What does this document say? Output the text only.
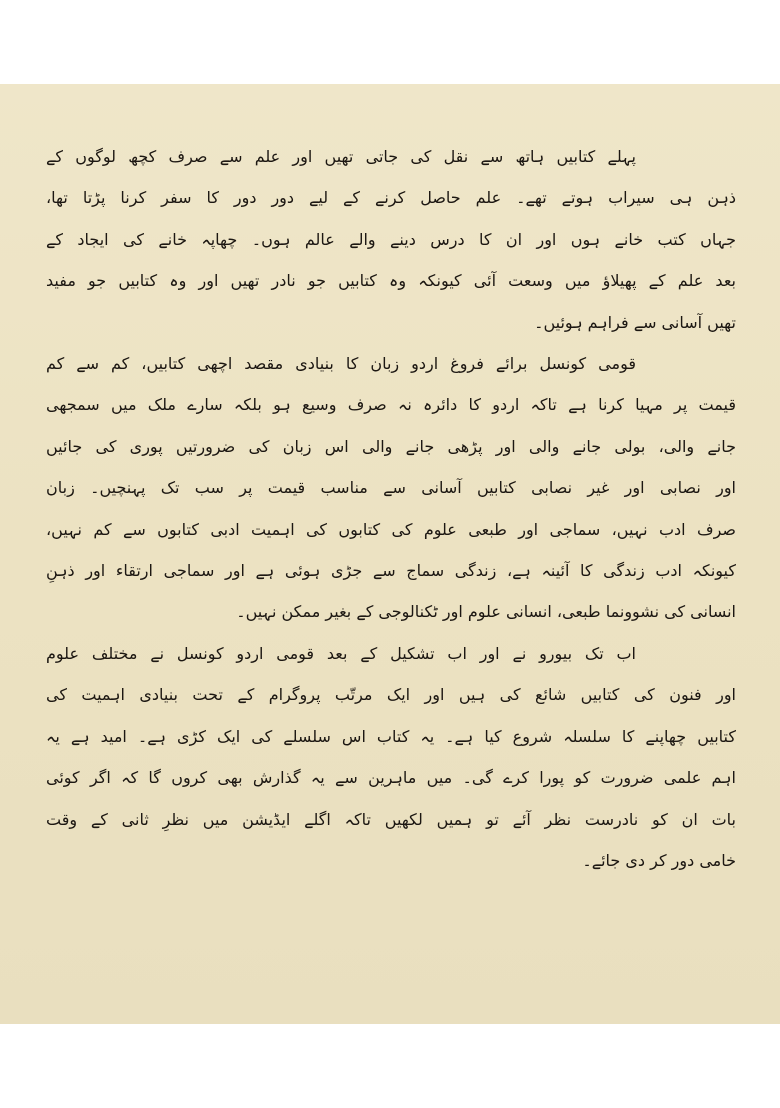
پہلے کتابیں ہاتھ سے نقل کی جاتی تھیں اور علم سے صرف کچھ لوگوں کے
ذہن ہی سیراب ہوتے تھے۔ علم حاصل کرنے کے لیے دور دور کا سفر کرنا پڑتا تھا،
جہاں کتب خانے ہوں اور ان کا درس دینے والے عالم ہوں۔ چھاپہ خانے کی ایجاد کے
بعد علم کے پھیلاؤ میں وسعت آئی کیونکہ وہ کتابیں جو نادر تھیں اور وہ کتابیں جو مفید
تھیں آسانی سے فراہم ہوئیں۔
قومی کونسل برائے فروغ اردو زبان کا بنیادی مقصد اچھی کتابیں، کم سے کم
قیمت پر مہیا کرنا ہے تاکہ اردو کا دائرہ نہ صرف وسیع ہو بلکہ سارے ملک میں سمجھی
جانے والی، بولی جانے والی اور پڑھی جانے والی اس زبان کی ضرورتیں پوری کی جائیں
اور نصابی اور غیر نصابی کتابیں آسانی سے مناسب قیمت پر سب تک پہنچیں۔ زبان
صرف ادب نہیں، سماجی اور طبعی علوم کی کتابوں کی اہمیت ادبی کتابوں سے کم نہیں،
کیونکہ ادب زندگی کا آئینہ ہے، زندگی سماج سے جڑی ہوئی ہے اور سماجی ارتقاء اور ذہنِ
انسانی کی نشوونما طبعی، انسانی علوم اور ٹکنالوجی کے بغیر ممکن نہیں۔
اب تک بیورو نے اور اب تشکیل کے بعد قومی اردو کونسل نے مختلف علوم
اور فنون کی کتابیں شائع کی ہیں اور ایک مرتّب پروگرام کے تحت بنیادی اہمیت کی
کتابیں چھاپنے کا سلسلہ شروع کیا ہے۔ یہ کتاب اس سلسلے کی ایک کڑی ہے۔ امید ہے یہ
اہم علمی ضرورت کو پورا کرے گی۔ میں ماہرین سے یہ گذارش بھی کروں گا کہ اگر کوئی
بات ان کو نادرست نظر آئے تو ہمیں لکھیں تاکہ اگلے ایڈیشن میں نظرِ ثانی کے وقت
خامی دور کر دی جائے۔
